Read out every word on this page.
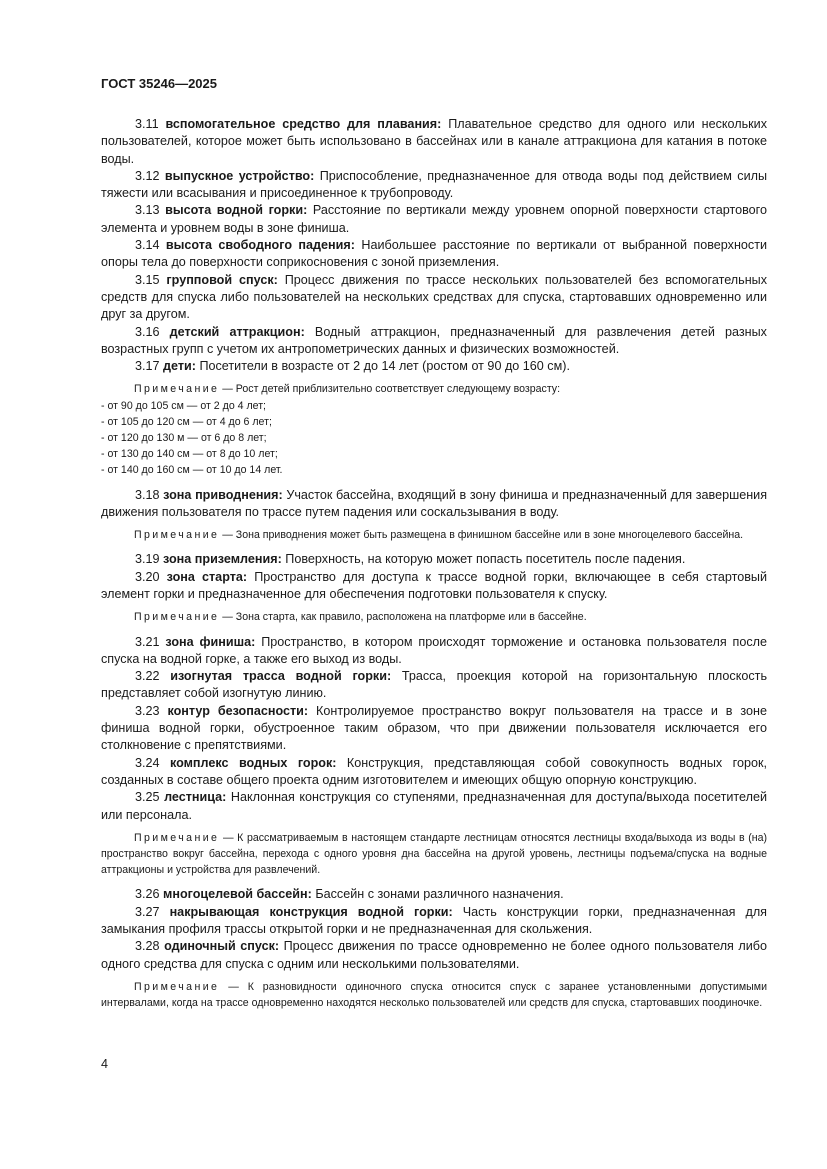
ГОСТ 35246—2025

3.11 вспомогательное средство для плавания: Плавательное средство для одного или нескольких пользователей, которое может быть использовано в бассейнах или в канале аттракциона для катания в потоке воды.

3.12 выпускное устройство: Приспособление, предназначенное для отвода воды под действием силы тяжести или всасывания и присоединенное к трубопроводу.

3.13 высота водной горки: Расстояние по вертикали между уровнем опорной поверхности стартового элемента и уровнем воды в зоне финиша.

3.14 высота свободного падения: Наибольшее расстояние по вертикали от выбранной поверхности опоры тела до поверхности соприкосновения с зоной приземления.

3.15 групповой спуск: Процесс движения по трассе нескольких пользователей без вспомогательных средств для спуска либо пользователей на нескольких средствах для спуска, стартовавших одновременно или друг за другом.

3.16 детский аттракцион: Водный аттракцион, предназначенный для развлечения детей разных возрастных групп с учетом их антропометрических данных и физических возможностей.

3.17 дети: Посетители в возрасте от 2 до 14 лет (ростом от 90 до 160 см).

Примечание — Рост детей приблизительно соответствует следующему возрасту:

- от 90 до 105 см — от 2 до 4 лет;

- от 105 до 120 см — от 4 до 6 лет;

- от 120 до 130 м — от 6 до 8 лет;

- от 130 до 140 см — от 8 до 10 лет;

- от 140 до 160 см — от 10 до 14 лет.

3.18 зона приводнения: Участок бассейна, входящий в зону финиша и предназначенный для завершения движения пользователя по трассе путем падения или соскальзывания в воду.

Примечание — Зона приводнения может быть размещена в финишном бассейне или в зоне многоцелевого бассейна.

3.19 зона приземления: Поверхность, на которую может попасть посетитель после падения.

3.20 зона старта: Пространство для доступа к трассе водной горки, включающее в себя стартовый элемент горки и предназначенное для обеспечения подготовки пользователя к спуску.

Примечание — Зона старта, как правило, расположена на платформе или в бассейне.

3.21 зона финиша: Пространство, в котором происходят торможение и остановка пользователя после спуска на водной горке, а также его выход из воды.

3.22 изогнутая трасса водной горки: Трасса, проекция которой на горизонтальную плоскость представляет собой изогнутую линию.

3.23 контур безопасности: Контролируемое пространство вокруг пользователя на трассе и в зоне финиша водной горки, обустроенное таким образом, что при движении пользователя исключается его столкновение с препятствиями.

3.24 комплекс водных горок: Конструкция, представляющая собой совокупность водных горок, созданных в составе общего проекта одним изготовителем и имеющих общую опорную конструкцию.

3.25 лестница: Наклонная конструкция со ступенями, предназначенная для доступа/выхода посетителей или персонала.

Примечание — К рассматриваемым в настоящем стандарте лестницам относятся лестницы входа/выхода из воды в (на) пространство вокруг бассейна, перехода с одного уровня дна бассейна на другой уровень, лестницы подъема/спуска на водные аттракционы и устройства для развлечений.

3.26 многоцелевой бассейн: Бассейн с зонами различного назначения.

3.27 накрывающая конструкция водной горки: Часть конструкции горки, предназначенная для замыкания профиля трассы открытой горки и не предназначенная для скольжения.

3.28 одиночный спуск: Процесс движения по трассе одновременно не более одного пользователя либо одного средства для спуска с одним или несколькими пользователями.

Примечание — К разновидности одиночного спуска относится спуск с заранее установленными допустимыми интервалами, когда на трассе одновременно находятся несколько пользователей или средств для спуска, стартовавших поодиночке.

4
